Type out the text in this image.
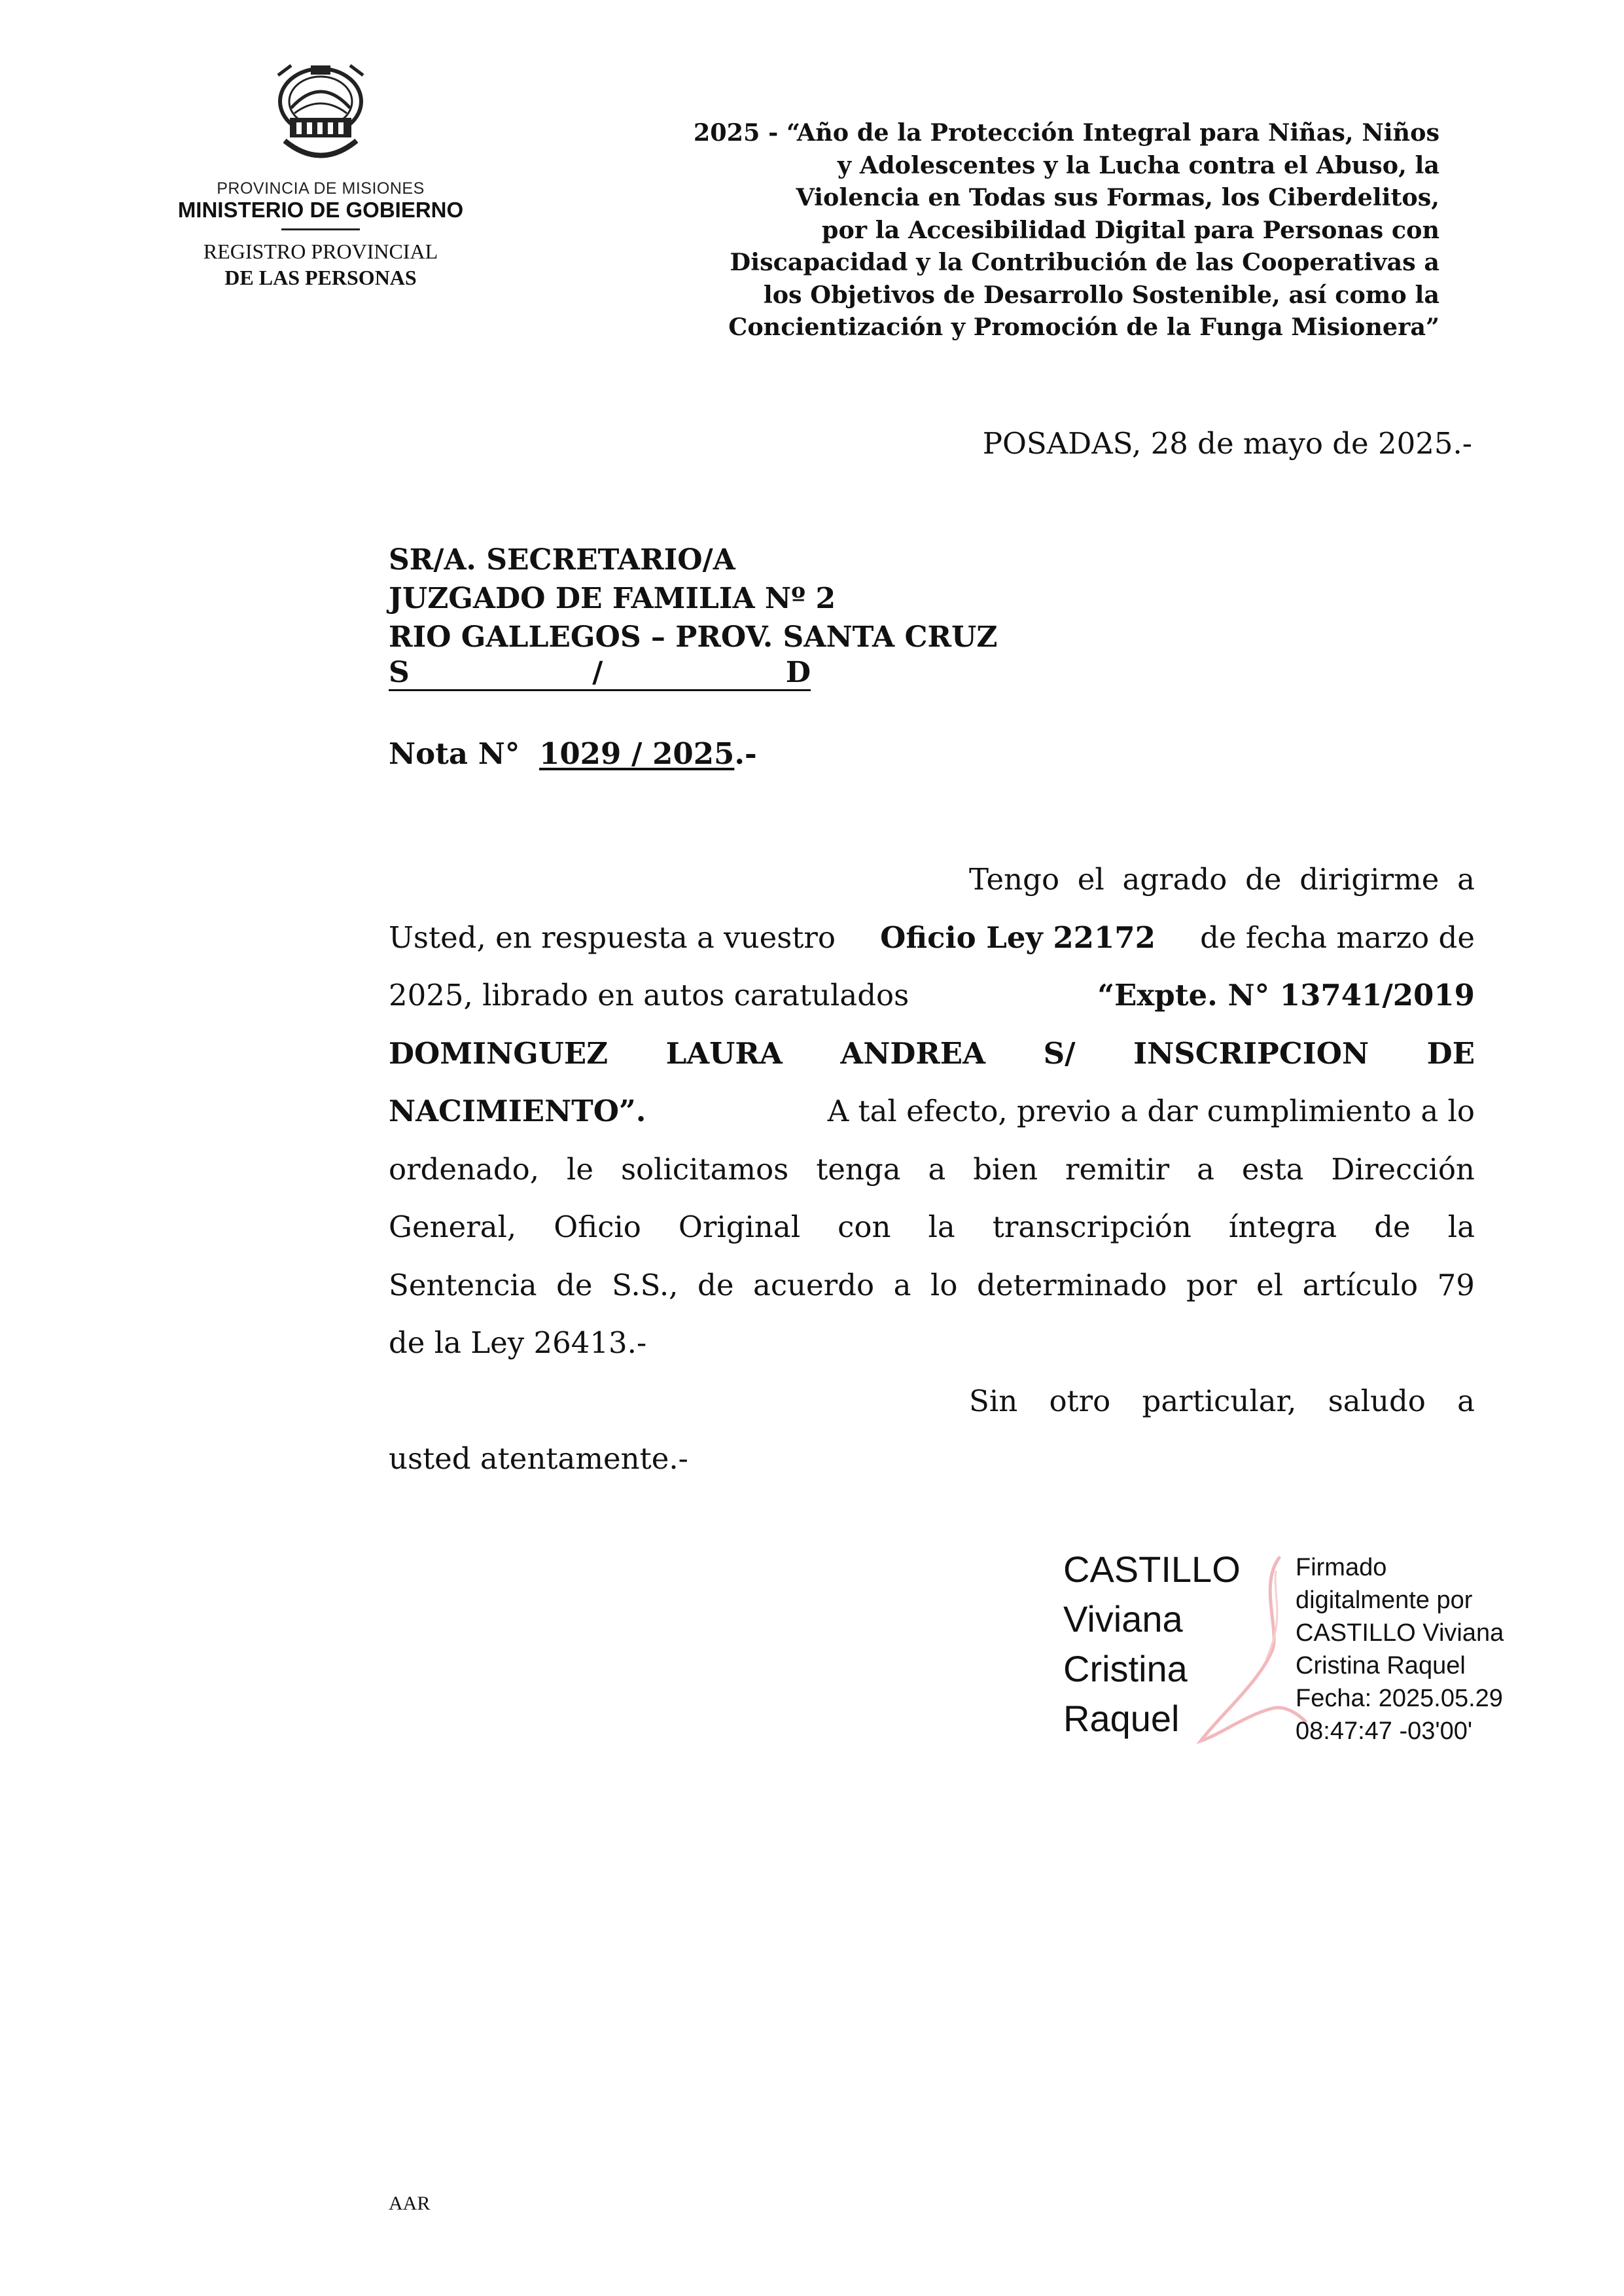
PROVINCIA DE MISIONES
MINISTERIO DE GOBIERNO
REGISTRO PROVINCIAL
DE LAS PERSONAS
2025 - “Año de la Protección Integral para Niñas, Niños
y Adolescentes y la Lucha contra el Abuso, la
Violencia en Todas sus Formas, los Ciberdelitos,
por la Accesibilidad Digital para Personas con
Discapacidad y la Contribución de las Cooperativas a
los Objetivos de Desarrollo Sostenible, así como la
Concientización y Promoción de la Funga Misionera”
POSADAS, 28 de mayo de 2025.-
SR/A. SECRETARIO/A
JUZGADO DE FAMILIA Nº 2
RIO GALLEGOS – PROV. SANTA CRUZ
S	/	D
Nota N° 1029 / 2025.-
Tengo el agrado de dirigirme a
Usted, en respuesta a vuestro Oficio Ley 22172 de fecha marzo de
2025, librado en autos caratulados	“Expte. N° 13741/2019
DOMINGUEZ LAURA ANDREA S/ INSCRIPCION DE
NACIMIENTO”.	A tal efecto, previo a dar cumplimiento a lo
ordenado, le solicitamos tenga a bien remitir a esta Dirección
General, Oficio Original con la transcripción íntegra de la
Sentencia de S.S., de acuerdo a lo determinado por el artículo 79
de la Ley 26413.-
Sin otro particular, saludo a
usted atentamente.-
CASTILLO
Viviana
Cristina
Raquel
Firmado
digitalmente por
CASTILLO Viviana
Cristina Raquel
Fecha: 2025.05.29
08:47:47 -03'00'
AAR
